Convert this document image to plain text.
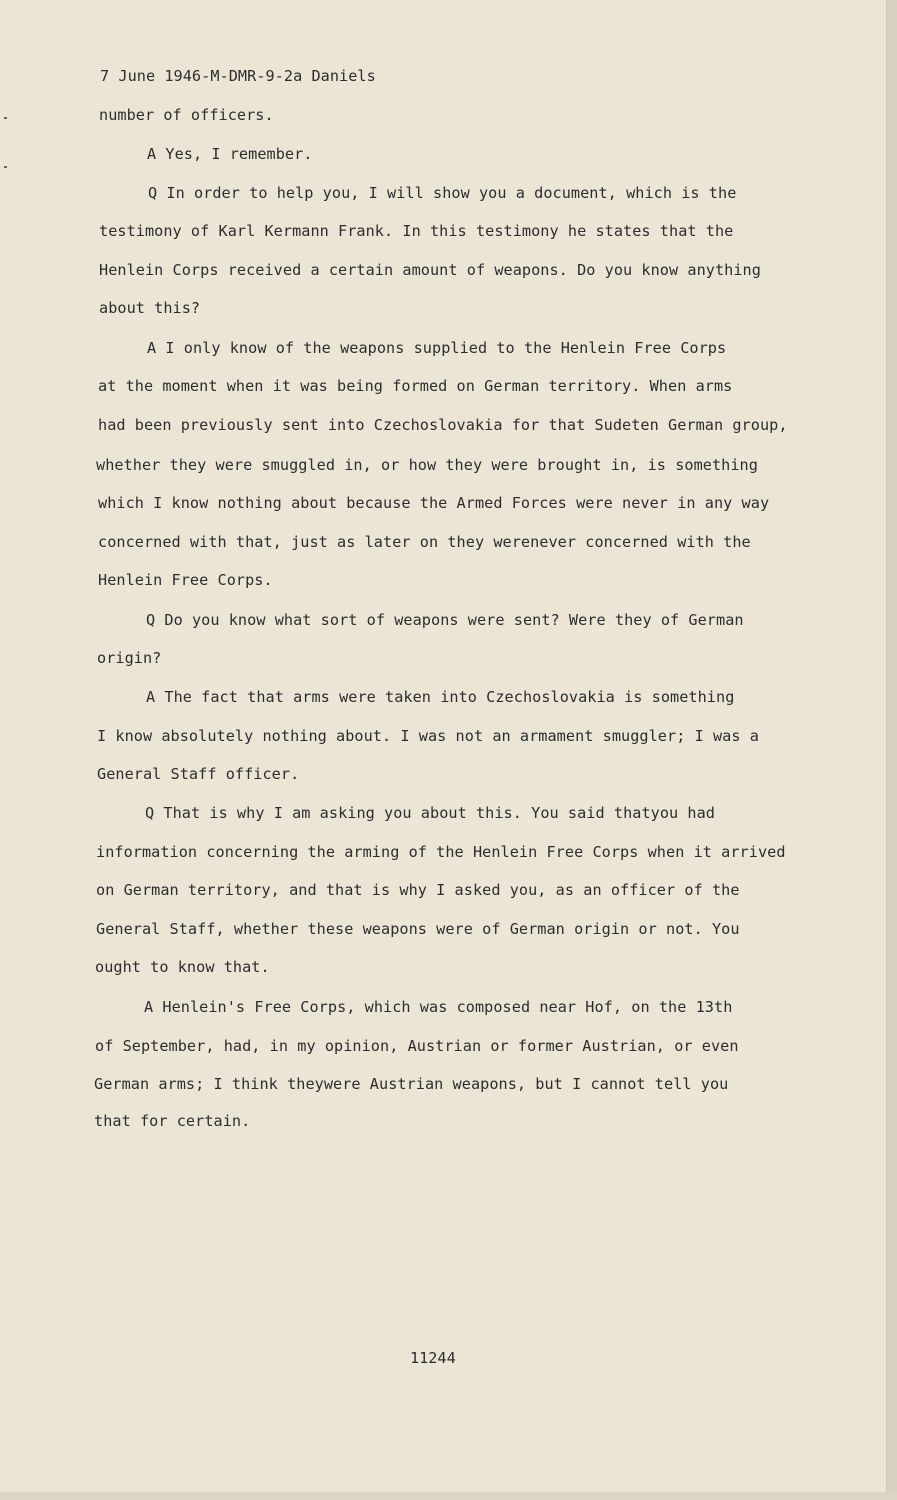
7 June 1946-M-DMR-9-2a Daniels
number of officers.
A Yes, I remember.
Q In order to help you, I will show you a document, which is the
testimony of Karl Kermann Frank. In this testimony he states that the
Henlein Corps received a certain amount of weapons. Do you know anything
about this?
A I only know of the weapons supplied to the Henlein Free Corps
at the moment when it was being formed on German territory. When arms
had been previously sent into Czechoslovakia for that Sudeten German group,
whether they were smuggled in, or how they were brought in, is something
which I know nothing about because the Armed Forces were never in any way
concerned with that, just as later on they werenever concerned with the
Henlein Free Corps.
Q Do you know what sort of weapons were sent? Were they of German
origin?
A The fact that arms were taken into Czechoslovakia is something
I know absolutely nothing about. I was not an armament smuggler; I was a
General Staff officer.
Q That is why I am asking you about this. You said thatyou had
information concerning the arming of the Henlein Free Corps when it arrived
on German territory, and that is why I asked you, as an officer of the
General Staff, whether these weapons were of German origin or not. You
ought to know that.
A Henlein's Free Corps, which was composed near Hof, on the 13th
of September, had, in my opinion, Austrian or former Austrian, or even
German arms; I think theywere Austrian weapons, but I cannot tell you
that for certain.
11244
